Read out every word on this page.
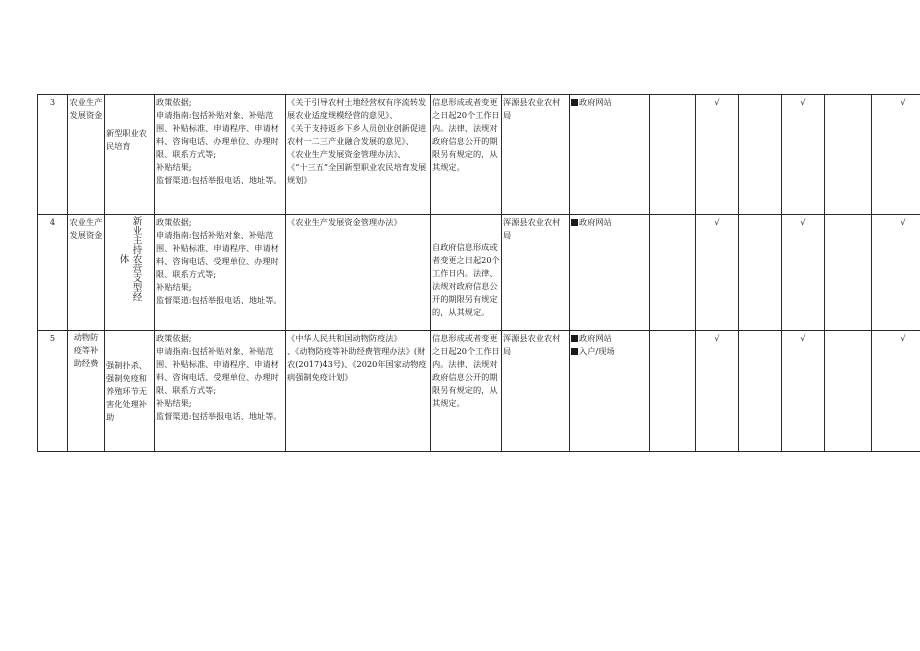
3	农业生产发展资金	新型职业农民培育	政策依据;
申请指南:包括补贴对象、补贴范围、补贴标准、申请程序、申请材料、咨询电话、办理单位、办理时限、联系方式等;
补贴结果;
监督渠道:包括举报电话、地址等。	《关于引导农村土地经营权有序流转发展农业适度规模经营的意见》、
《关于支持返乡下乡人员创业创新促进农村一二三产业融合发展的意见》、
《农业生产发展资金管理办法》、
《“十三五”全国新型职业农民培育发展规划》	信息形成或者变更之日起20个工作日内。法律、法规对政府信息公开的期限另有规定的，从其规定。	浑源县农业农村局	政府网站		√		√		√
4	农业生产发展资金	体 新业主持农营支型经	政策依据;
申请指南:包括补贴对象、补贴范围、补贴标准、申请程序、申请材料、咨询电话、受理单位、办理时限、联系方式等;
补贴结果;
监督渠道:包括举报电话、地址等。	《农业生产发展资金管理办法》	自政府信息形成或者变更之日起20个工作日内。法律、法规对政府信息公开的期限另有规定的，从其规定。	浑源县农业农村局	政府网站		√		√		√
5	动物防疫等补助经费	强制扑杀、强制免疫和养殖环节无害化处理补助	政策依据;
申请指南:包括补贴对象、补贴范围、补贴标准、申请程序、申请材料、咨询电话、受理单位、办理时限、联系方式等;
补贴结果;
监督渠道:包括举报电话、地址等。	《中华人民共和国动物防疫法》
、《动物防疫等补助经费管理办法》(财农(2017)43号)、《2020年国家动物疫病强制免疫计划》	信息形成或者变更之日起20个工作日内。法律、法规对政府信息公开的期限另有规定的，从其规定。	浑源县农业农村局	政府网站
入户/现场		√		√		√
